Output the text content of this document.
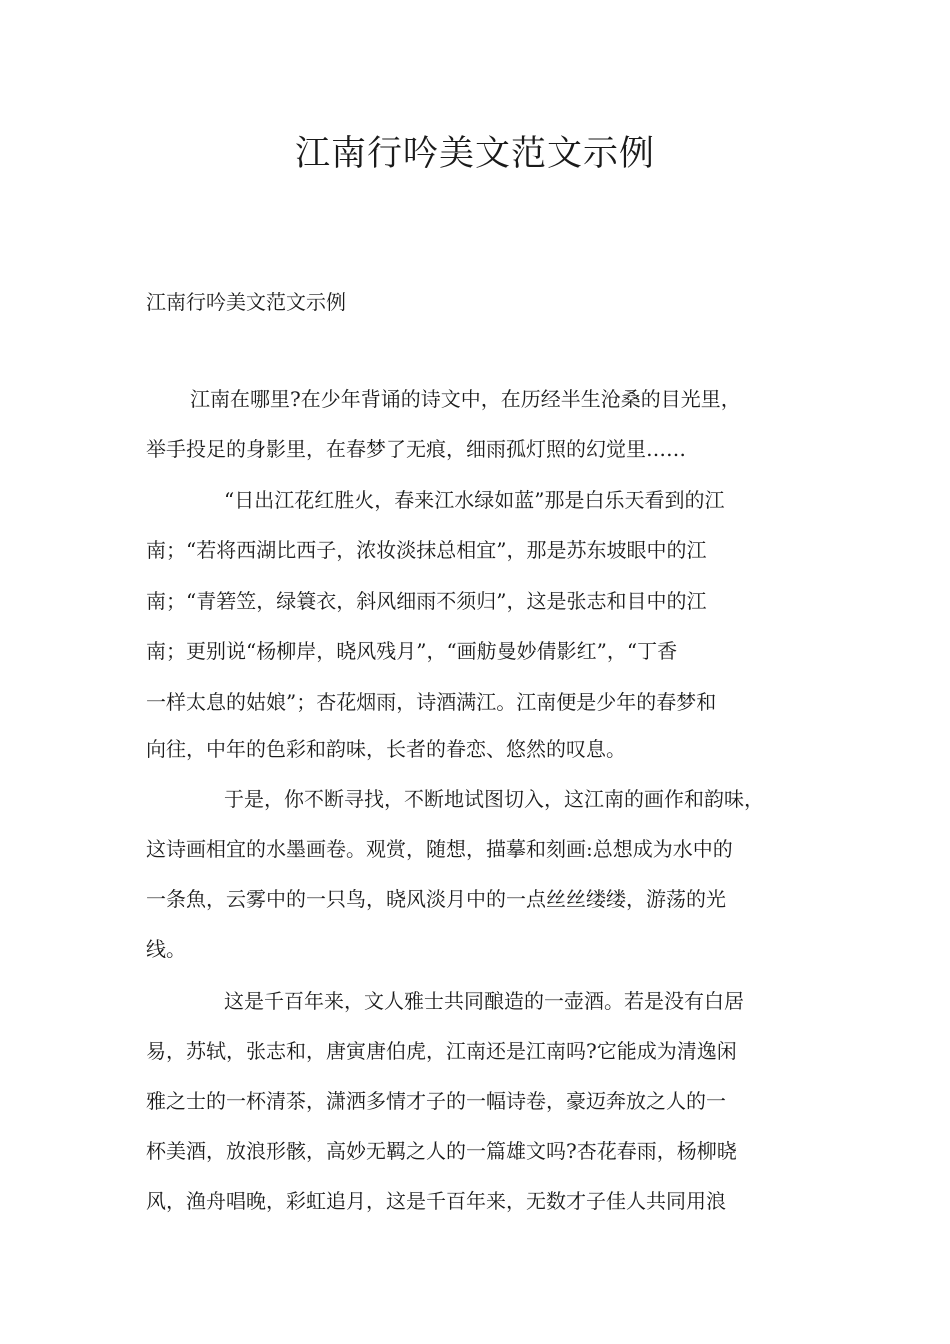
江南行吟美文范文示例
江南行吟美文范文示例
江南在哪里?在少年背诵的诗文中，在历经半生沧桑的目光里，
举手投足的身影里，在春梦了无痕，细雨孤灯照的幻觉里……
“日出江花红胜火，春来江水绿如蓝”那是白乐天看到的江
南；“若将西湖比西子，浓妆淡抹总相宜”，那是苏东坡眼中的江
南；“青箬笠，绿簑衣，斜风细雨不须归”，这是张志和目中的江
南；更别说“杨柳岸，晓风残月”，“画舫曼妙倩影红”，“丁香
一样太息的姑娘”；杏花烟雨，诗酒满江。江南便是少年的春梦和
向往，中年的色彩和韵味，长者的眷恋、悠然的叹息。
于是，你不断寻找，不断地试图切入，这江南的画作和韵味，
这诗画相宜的水墨画卷。观赏，随想，描摹和刻画:总想成为水中的
一条魚，云雾中的一只鸟，晓风淡月中的一点丝丝缕缕，游荡的光
线。
这是千百年来，文人雅士共同酿造的一壶酒。若是没有白居
易，苏轼，张志和，唐寅唐伯虎，江南还是江南吗?它能成为清逸闲
雅之士的一杯清茶，潇洒多情才子的一幅诗卷，豪迈奔放之人的一
杯美酒，放浪形骸，高妙无羁之人的一篇雄文吗?杏花春雨，杨柳晓
风，渔舟唱晚，彩虹追月，这是千百年来，无数才子佳人共同用浪
